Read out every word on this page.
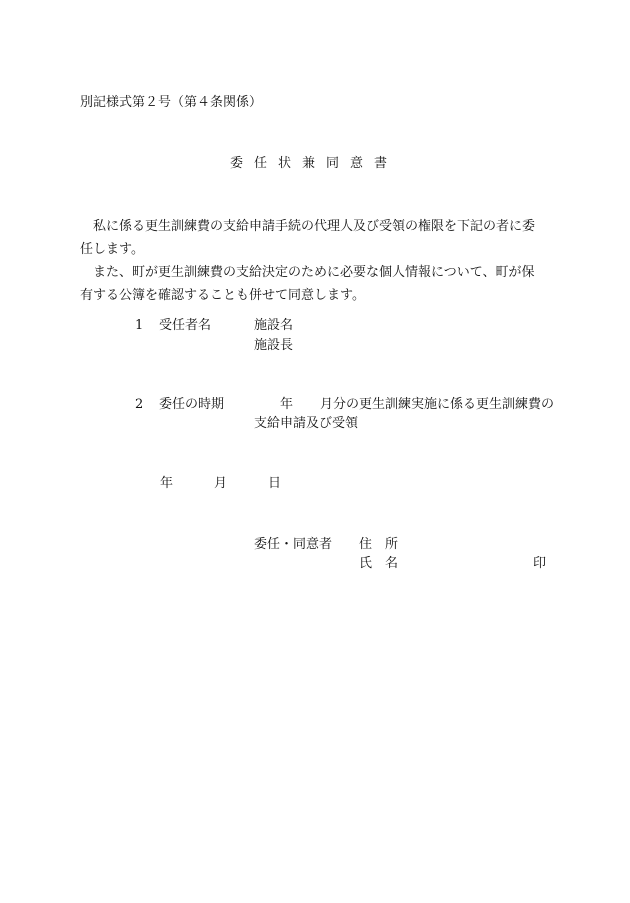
別記様式第２号（第４条関係）
委任状兼同意書
　私に係る更生訓練費の支給申請手続の代理人及び受領の権限を下記の者に委
任します。
　また、町が更生訓練費の支給決定のために必要な個人情報について、町が保
有する公簿を確認することも併せて同意します。
1 受任者名	施設名
施設長
2 委任の時期	年 月分の更生訓練実施に係る更生訓練費の
支給申請及び受領
年	月	日
委任・同意者 住　所
氏　名	印
